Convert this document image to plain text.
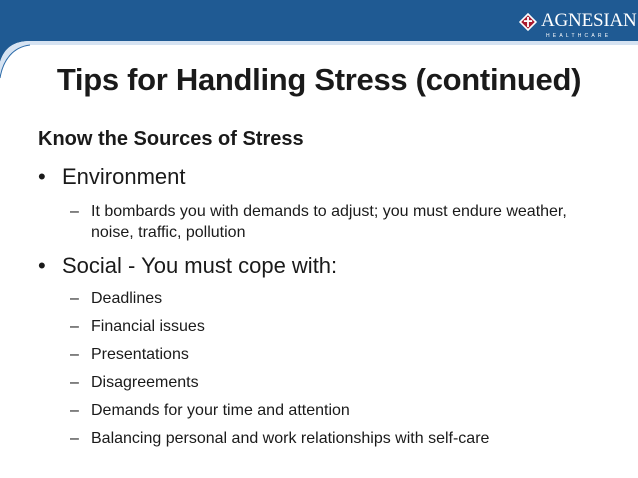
AGNESIAN
HEALTHCARE
Tips for Handling Stress (continued)
Know the Sources of Stress
• Environment
– It bombards you with demands to adjust; you must endure weather, noise, traffic, pollution
• Social - You must cope with:
– Deadlines
– Financial issues
– Presentations
– Disagreements
– Demands for your time and attention
– Balancing personal and work relationships with self-care
